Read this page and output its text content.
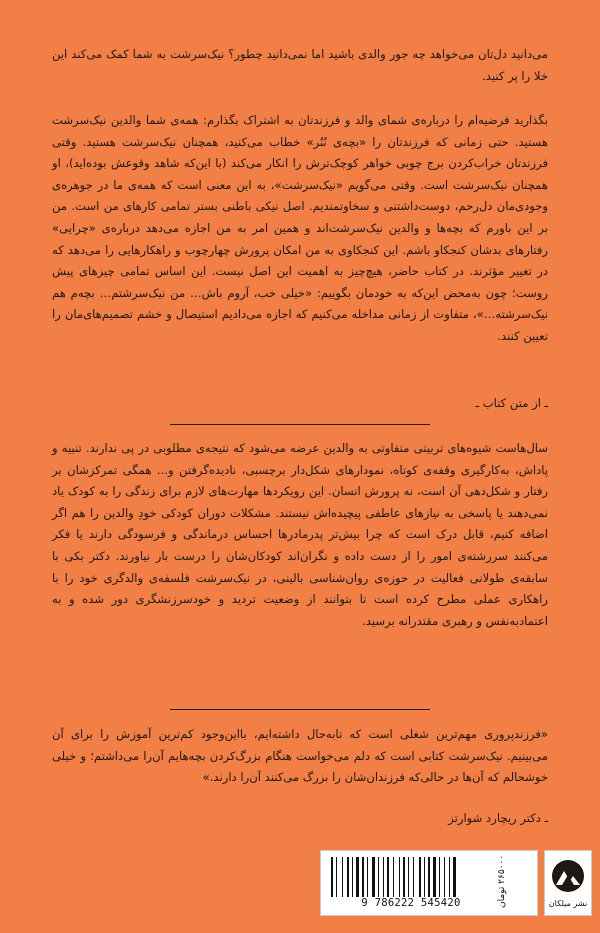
می‌دانید دل‌تان می‌خواهد چه جور والدی باشید اما نمی‌دانید چطور؟ نیک‌سرشت به شما کمک می‌کند این خلا را پر کنید.

بگذارید فرضیه‌ام را درباره‌ی شمای والد و فرزندتان به اشتراک بگذارم: همه‌ی شما والدین نیک‌سرشت هستید. حتی زمانی که فرزندتان را «بچه‌ی نُنُر» خطاب می‌کنید، همچنان نیک‌سرشت هستید. وقتی فرزندتان خراب‌کردن برج چوبی خواهر کوچک‌ترش را انکار می‌کند (با این‌که شاهد وقوعش بوده‌اید)، او همچنان نیک‌سرشت است. وقتی می‌گویم «نیک‌سرشت»، به این معنی است که همه‌ی ما در جوهره‌ی وجودی‌مان دل‌رحم، دوست‌داشتنی و سخاوتمندیم. اصل نیکی باطنی بستر تمامی کارهای من است. من بر این باورم که بچه‌ها و والدین نیک‌سرشت‌اند و همین امر به من اجازه می‌دهد درباره‌ی «چرایی» رفتارهای بدشان کنجکاو باشم. این کنجکاوی به من امکان پرورش چهارچوب و راهکارهایی را می‌دهد که در تغییر مؤثرند. در کتاب حاضر، هیچ‌چیز به اهمیت این اصل نیست. این اساس تمامی چیزهای پیش روست؛ چون به‌محض این‌که به خودمان بگوییم: «خیلی خب، آروم باش… من نیک‌سرشتم… بچه‌م هم نیک‌سرشته…»، متفاوت از زمانی مداخله می‌کنیم که اجازه می‌دادیم استیصال و خشم تصمیم‌های‌مان را تعیین کنند.

ـ از متن کتاب ـ

سال‌هاست شیوه‌های تربیتی متفاوتی به والدین عرضه می‌شود که نتیجه‌ی مطلوبی در پی ندارند. تنبیه و پاداش، به‌کارگیری وقفه‌ی کوتاه، نمودارهای شکل‌دار برچسبی، نادیده‌گرفتن و... همگی تمرکزشان بر رفتار و شکل‌دهی آن است، نه پرورش انسان. این رویکردها مهارت‌های لازم برای زندگی را به کودک یاد نمی‌دهند یا پاسخی به نیازهای عاطفی پیچیده‌اش نیستند. مشکلات دوران کودکی خودِ والدین را هم اگر اضافه کنیم، قابل درک است که چرا بیش‌تر پدرمادرها احساس درماندگی و فرسودگی دارند یا فکر می‌کنند سررشته‌ی امور را از دست داده و نگران‌اند کودکان‌شان را درست بار نیاورند. دکتر بکی با سابقه‌ی طولانی فعالیت در حوزه‌ی روان‌شناسی بالینی، در نیک‌سرشت فلسفه‌ی والدگری خود را با راهکاری عملی مطرح کرده است تا بتوانند از وضعیت تردید و خودسرزنشگری دور شده و به اعتمادبه‌نفس و رهبری مقتدرانه برسید.

«فرزندپروری مهم‌ترین شغلی است که تابه‌حال داشته‌ایم، بااین‌وجود کم‌ترین آموزش را برای آن می‌بینیم. نیک‌سرشت کتابی است که دلم می‌خواست هنگام بزرگ‌کردن بچه‌هایم آن‌را می‌داشتم؛ و خیلی خوشحالم که آن‌ها در حالی‌که فرزندان‌شان را بزرگ می‌کنند آن‌را دارند.»

ـ دکتر ریچارد شوارتز
9 786222 545420	۲۶۵۰۰۰ تومان
نشر میلکان
